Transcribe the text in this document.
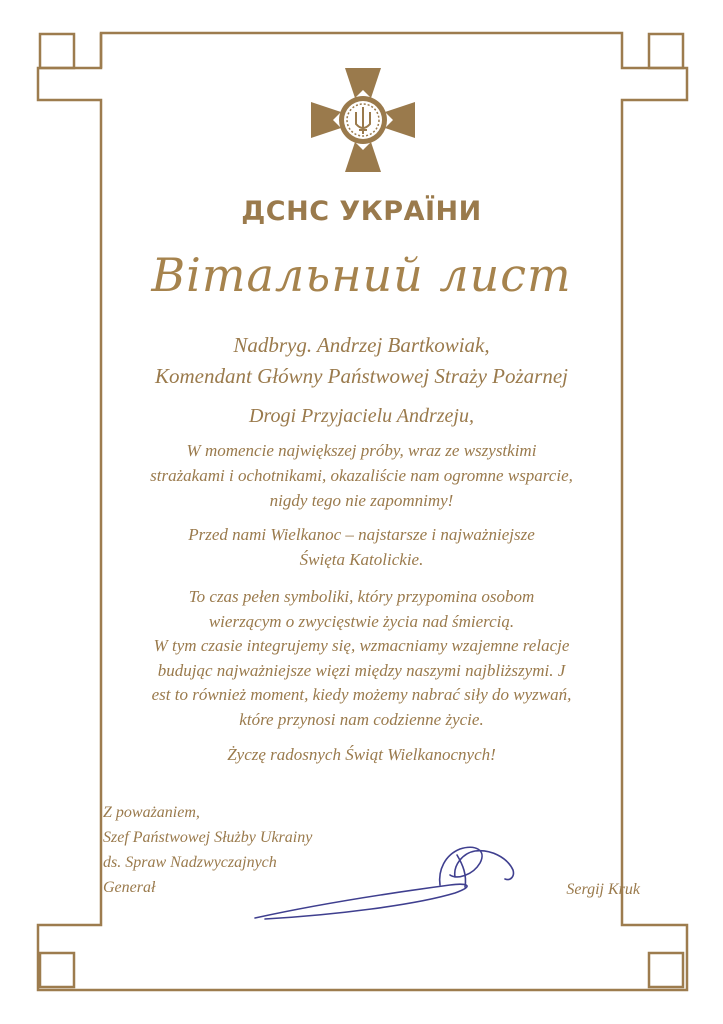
ДСНС УКРАЇНИ
Вітальний лист
Nadbryg. Andrzej Bartkowiak,
Komendant Główny Państwowej Straży Pożarnej
Drogi Przyjacielu Andrzeju,
W momencie największej próby, wraz ze wszystkimi
strażakami i ochotnikami, okazaliście nam ogromne wsparcie,
nigdy tego nie zapomnimy!
Przed nami Wielkanoc – najstarsze i najważniejsze
Święta Katolickie.
To czas pełen symboliki, który przypomina osobom
wierzącym o zwycięstwie życia nad śmiercią.
W tym czasie integrujemy się, wzmacniamy wzajemne relacje
budując najważniejsze więzi między naszymi najbliższymi. J
est to również moment, kiedy możemy nabrać siły do wyzwań,
które przynosi nam codzienne życie.
Życzę radosnych Świąt Wielkanocnych!
Z poważaniem,
Szef Państwowej Służby Ukrainy
ds. Spraw Nadzwyczajnych
Generał	Sergij Kruk
